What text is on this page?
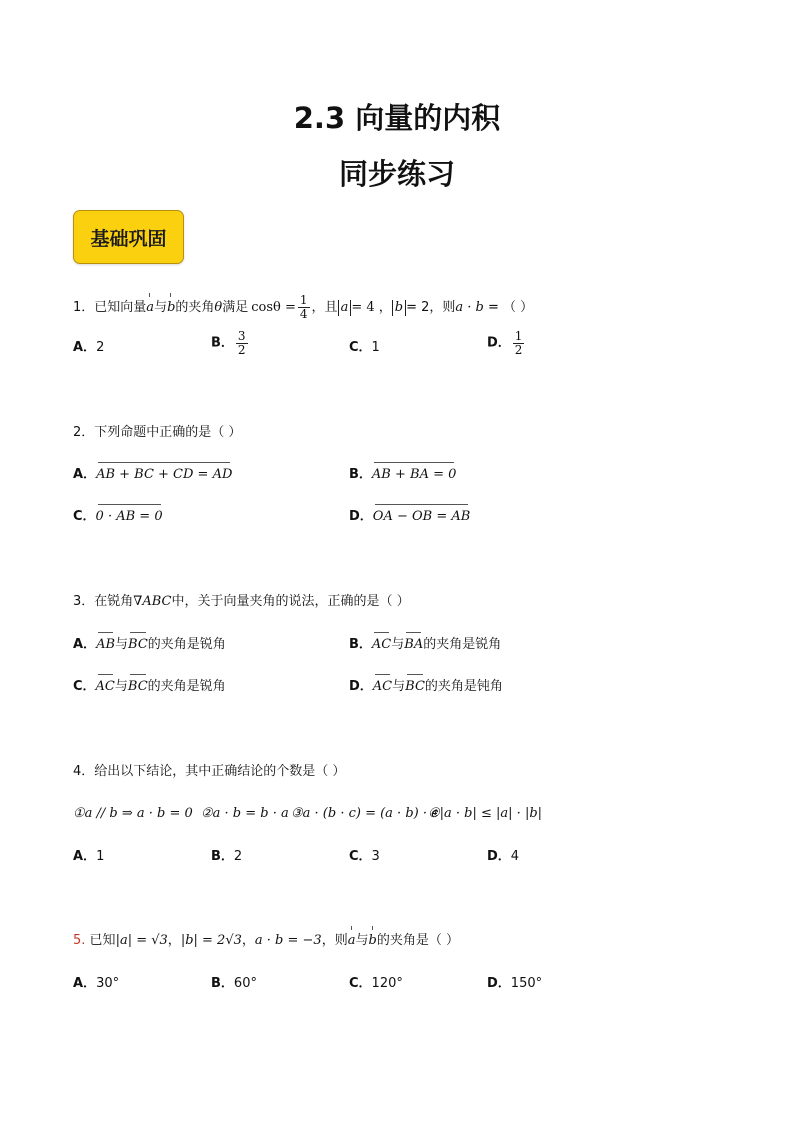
2.3 向量的内积
同步练习
基础巩固
1．已知向量a与b的夹角θ满足 $\cos\theta = \frac{1}{4}$ ，且 a = 4 ， b = 2，则a · b = （ ）
A．2	B． $\frac{3}{2}$	C．1	D． $\frac{1}{2}$
2．下列命题中正确的是（ ）
A．AB + BC + CD = AD	B．AB + BA = 0
C．0 · AB = 0	D．OA − OB = AB
3．在锐角∇ABC中，关于向量夹角的说法，正确的是（ ）
A．AB与BC的夹角是锐角	B．AC与BA的夹角是锐角
C．AC与BC的夹角是锐角	D．AC与BC的夹角是钝角
4．给出以下结论，其中正确结论的个数是（ ）
①a // b ⇒ a · b = 0 ②a · b = b · a ③a · (b · c) = (a · b) · c
④|a · b| ≤ |a| · |b|
A．1	B．2	C．3	D．4
5. 已知|a| = √3，|b| = 2√3，a · b = −3，则a与b的夹角是（ ）
A．30°	B．60°	C．120°	D．150°
